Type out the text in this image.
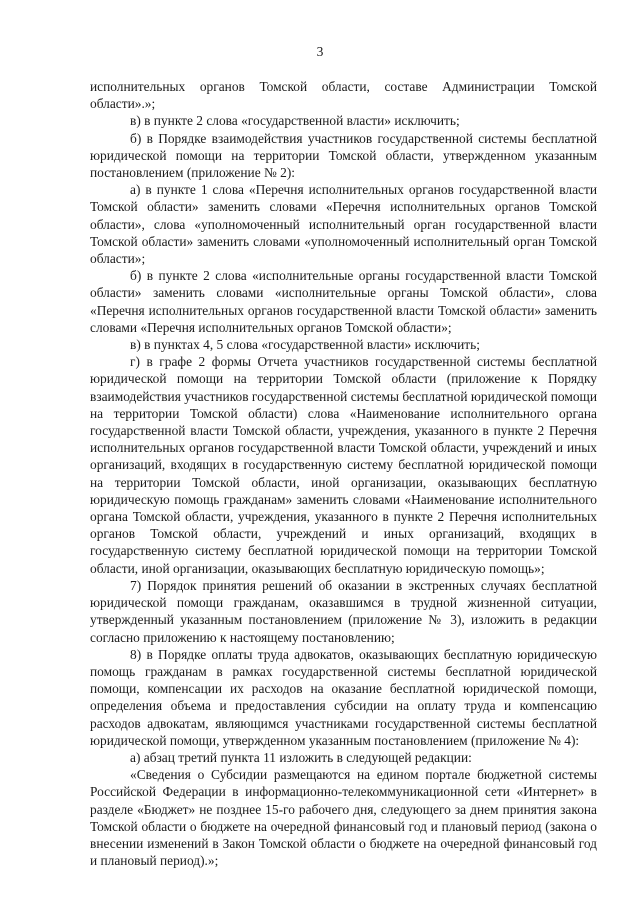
3

исполнительных органов Томской области, составе Администрации Томской области».»;

в) в пункте 2 слова «государственной власти» исключить;

б) в Порядке взаимодействия участников государственной системы бесплатной юридической помощи на территории Томской области, утвержденном указанным постановлением (приложение № 2):

а) в пункте 1 слова «Перечня исполнительных органов государственной власти Томской области» заменить словами «Перечня исполнительных органов Томской области», слова «уполномоченный исполнительный орган государственной власти Томской области» заменить словами «уполномоченный исполнительный орган Томской области»;

б) в пункте 2 слова «исполнительные органы государственной власти Томской области» заменить словами «исполнительные органы Томской области», слова «Перечня исполнительных органов государственной власти Томской области» заменить словами «Перечня исполнительных органов Томской области»;

в) в пунктах 4, 5 слова «государственной власти» исключить;

г) в графе 2 формы Отчета участников государственной системы бесплатной юридической помощи на территории Томской области (приложение к Порядку взаимодействия участников государственной системы бесплатной юридической помощи на территории Томской области) слова «Наименование исполнительного органа государственной власти Томской области, учреждения, указанного в пункте 2 Перечня исполнительных органов государственной власти Томской области, учреждений и иных организаций, входящих в государственную систему бесплатной юридической помощи на территории Томской области, иной организации, оказывающих бесплатную юридическую помощь гражданам» заменить словами «Наименование исполнительного органа Томской области, учреждения, указанного в пункте 2 Перечня исполнительных органов Томской области, учреждений и иных организаций, входящих в государственную систему бесплатной юридической помощи на территории Томской области, иной организации, оказывающих бесплатную юридическую помощь»;

7) Порядок принятия решений об оказании в экстренных случаях бесплатной юридической помощи гражданам, оказавшимся в трудной жизненной ситуации, утвержденный указанным постановлением (приложение № 3), изложить в редакции согласно приложению к настоящему постановлению;

8) в Порядке оплаты труда адвокатов, оказывающих бесплатную юридическую помощь гражданам в рамках государственной системы бесплатной юридической помощи, компенсации их расходов на оказание бесплатной юридической помощи, определения объема и предоставления субсидии на оплату труда и компенсацию расходов адвокатам, являющимся участниками государственной системы бесплатной юридической помощи, утвержденном указанным постановлением (приложение № 4):

а) абзац третий пункта 11 изложить в следующей редакции:

«Сведения о Субсидии размещаются на едином портале бюджетной системы Российской Федерации в информационно-телекоммуникационной сети «Интернет» в разделе «Бюджет» не позднее 15-го рабочего дня, следующего за днем принятия закона Томской области о бюджете на очередной финансовый год и плановый период (закона о внесении изменений в Закон Томской области о бюджете на очередной финансовый год и плановый период).»;
